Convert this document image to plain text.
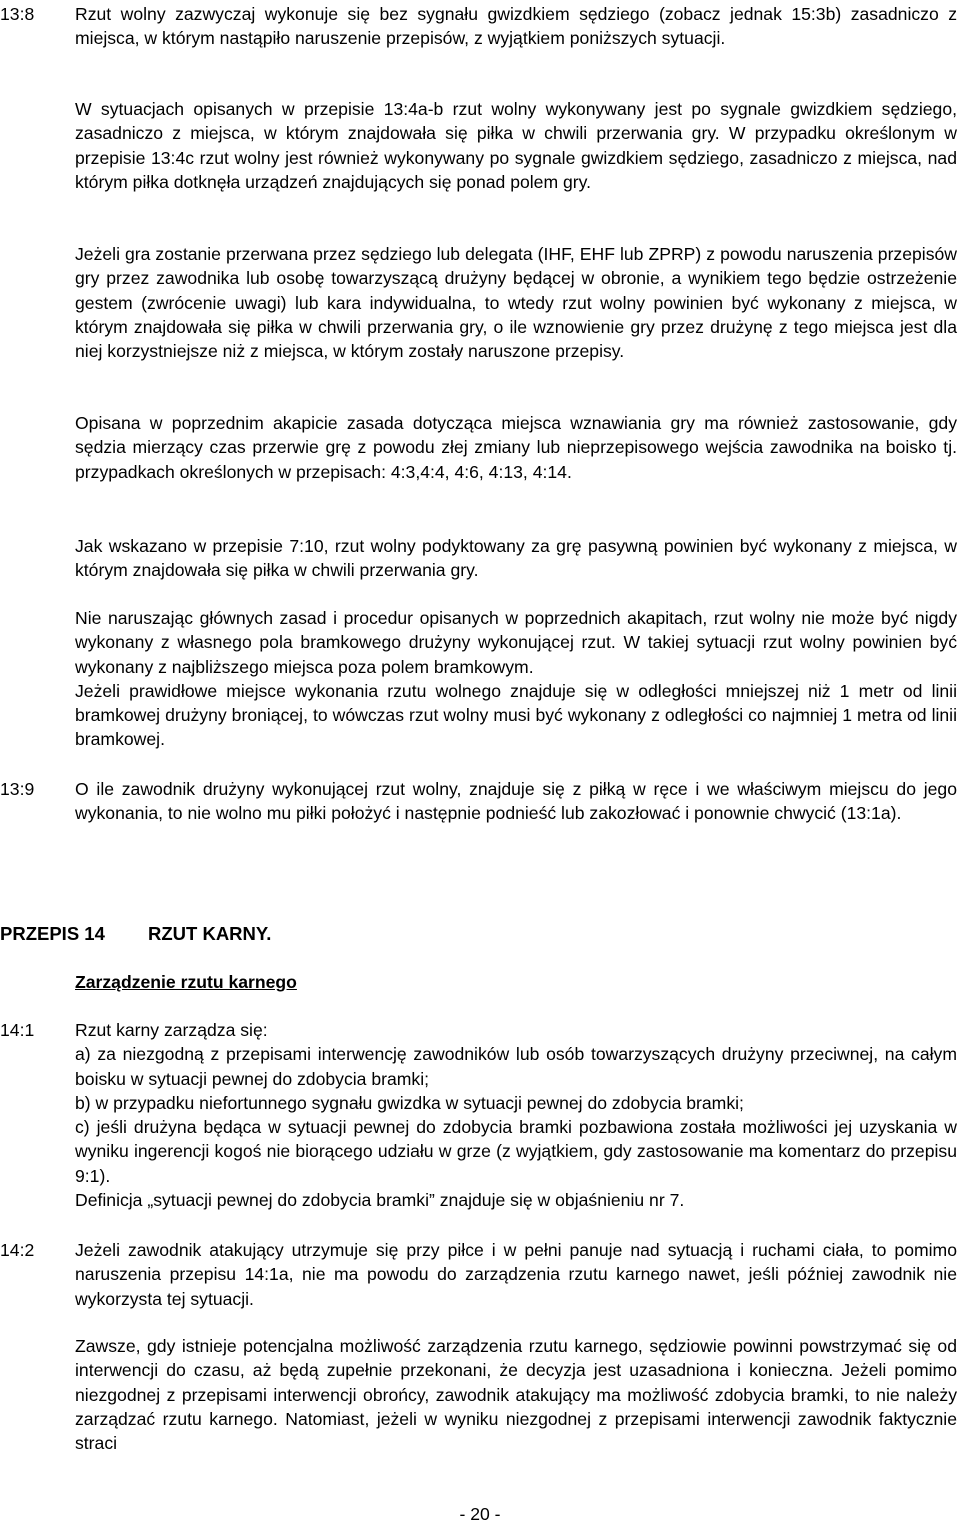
13:8 Rzut wolny zazwyczaj wykonuje się bez sygnału gwizdkiem sędziego (zobacz jednak 15:3b) zasadniczo z miejsca, w którym nastąpiło naruszenie przepisów, z wyjątkiem poniższych sytuacji.

W sytuacjach opisanych w przepisie 13:4a-b rzut wolny wykonywany jest po sygnale gwizdkiem sędziego, zasadniczo z miejsca, w którym znajdowała się piłka w chwili przerwania gry. W przypadku określonym w przepisie 13:4c rzut wolny jest również wykonywany po sygnale gwizdkiem sędziego, zasadniczo z miejsca, nad którym piłka dotknęła urządzeń znajdujących się ponad polem gry.

Jeżeli gra zostanie przerwana przez sędziego lub delegata (IHF, EHF lub ZPRP) z powodu naruszenia przepisów gry przez zawodnika lub osobę towarzyszącą drużyny będącej w obronie, a wynikiem tego będzie ostrzeżenie gestem (zwrócenie uwagi) lub kara indywidualna, to wtedy rzut wolny powinien być wykonany z miejsca, w którym znajdowała się piłka w chwili przerwania gry, o ile wznowienie gry przez drużynę z tego miejsca jest dla niej korzystniejsze niż z miejsca, w którym zostały naruszone przepisy.

Opisana w poprzednim akapicie zasada dotycząca miejsca wznawiania gry ma również zastosowanie, gdy sędzia mierzący czas przerwie grę z powodu złej zmiany lub nieprzepisowego wejścia zawodnika na boisko tj. przypadkach określonych w przepisach: 4:3,4:4, 4:6, 4:13, 4:14.

Jak wskazano w przepisie 7:10, rzut wolny podyktowany za grę pasywną powinien być wykonany z miejsca, w którym znajdowała się piłka w chwili przerwania gry.

Nie naruszając głównych zasad i procedur opisanych w poprzednich akapitach, rzut wolny nie może być nigdy wykonany z własnego pola bramkowego drużyny wykonującej rzut. W takiej sytuacji rzut wolny powinien być wykonany z najbliższego miejsca poza polem bramkowym.

Jeżeli prawidłowe miejsce wykonania rzutu wolnego znajduje się w odległości mniejszej niż 1 metr od linii bramkowej drużyny broniącej, to wówczas rzut wolny musi być wykonany z odległości co najmniej 1 metra od linii bramkowej.

13:9 O ile zawodnik drużyny wykonującej rzut wolny, znajduje się z piłką w ręce i we właściwym miejscu do jego wykonania, to nie wolno mu piłki położyć i następnie podnieść lub zakozłować i ponownie chwycić (13:1a).

PRZEPIS 14 RZUT KARNY.
Zarządzenie rzutu karnego
14:1 Rzut karny zarządza się:

a) za niezgodną z przepisami interwencję zawodników lub osób towarzyszących drużyny przeciwnej, na całym boisku w sytuacji pewnej do zdobycia bramki;

b) w przypadku niefortunnego sygnału gwizdka w sytuacji pewnej do zdobycia bramki;

c) jeśli drużyna będąca w sytuacji pewnej do zdobycia bramki pozbawiona została możliwości jej uzyskania w wyniku ingerencji kogoś nie biorącego udziału w grze (z wyjątkiem, gdy zastosowanie ma komentarz do przepisu 9:1).

Definicja „sytuacji pewnej do zdobycia bramki” znajduje się w objaśnieniu nr 7.

14:2 Jeżeli zawodnik atakujący utrzymuje się przy piłce i w pełni panuje nad sytuacją i ruchami ciała, to pomimo naruszenia przepisu 14:1a, nie ma powodu do zarządzenia rzutu karnego nawet, jeśli później zawodnik nie wykorzysta tej sytuacji.

Zawsze, gdy istnieje potencjalna możliwość zarządzenia rzutu karnego, sędziowie powinni powstrzymać się od interwencji do czasu, aż będą zupełnie przekonani, że decyzja jest uzasadniona i konieczna. Jeżeli pomimo niezgodnej z przepisami interwencji obrońcy, zawodnik atakujący ma możliwość zdobycia bramki, to nie należy zarządzać rzutu karnego. Natomiast, jeżeli w wyniku niezgodnej z przepisami interwencji zawodnik faktycznie straci

- 20 -
